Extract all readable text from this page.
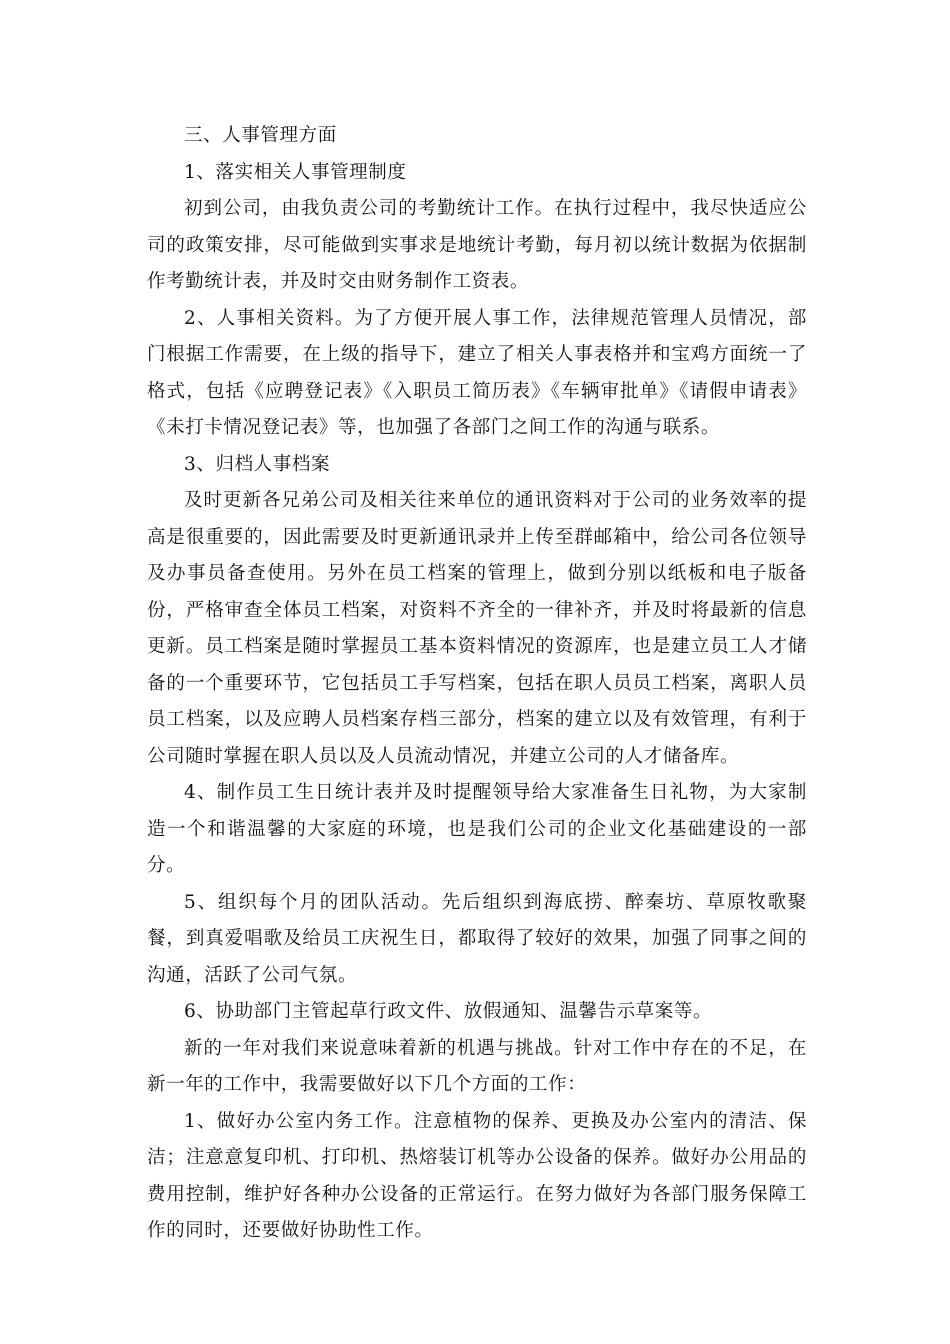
三、人事管理方面

1、落实相关人事管理制度

初到公司，由我负责公司的考勤统计工作。在执行过程中，我尽快适应公司的政策安排，尽可能做到实事求是地统计考勤，每月初以统计数据为依据制作考勤统计表，并及时交由财务制作工资表。

2、人事相关资料。为了方便开展人事工作，法律规范管理人员情况，部门根据工作需要，在上级的指导下，建立了相关人事表格并和宝鸡方面统一了格式，包括《应聘登记表》《入职员工简历表》《车辆审批单》《请假申请表》《未打卡情况登记表》等，也加强了各部门之间工作的沟通与联系。

3、归档人事档案

及时更新各兄弟公司及相关往来单位的通讯资料对于公司的业务效率的提高是很重要的，因此需要及时更新通讯录并上传至群邮箱中，给公司各位领导及办事员备查使用。另外在员工档案的管理上，做到分别以纸板和电子版备份，严格审查全体员工档案，对资料不齐全的一律补齐，并及时将最新的信息更新。员工档案是随时掌握员工基本资料情况的资源库，也是建立员工人才储备的一个重要环节，它包括员工手写档案，包括在职人员员工档案，离职人员员工档案，以及应聘人员档案存档三部分，档案的建立以及有效管理，有利于公司随时掌握在职人员以及人员流动情况，并建立公司的人才储备库。

4、制作员工生日统计表并及时提醒领导给大家准备生日礼物，为大家制造一个和谐温馨的大家庭的环境，也是我们公司的企业文化基础建设的一部分。

5、组织每个月的团队活动。先后组织到海底捞、醉秦坊、草原牧歌聚餐，到真爱唱歌及给员工庆祝生日，都取得了较好的效果，加强了同事之间的沟通，活跃了公司气氛。

6、协助部门主管起草行政文件、放假通知、温馨告示草案等。

新的一年对我们来说意味着新的机遇与挑战。针对工作中存在的不足，在新一年的工作中，我需要做好以下几个方面的工作：

1、做好办公室内务工作。注意植物的保养、更换及办公室内的清洁、保洁；注意意复印机、打印机、热熔装订机等办公设备的保养。做好办公用品的费用控制，维护好各种办公设备的正常运行。在努力做好为各部门服务保障工作的同时，还要做好协助性工作。
